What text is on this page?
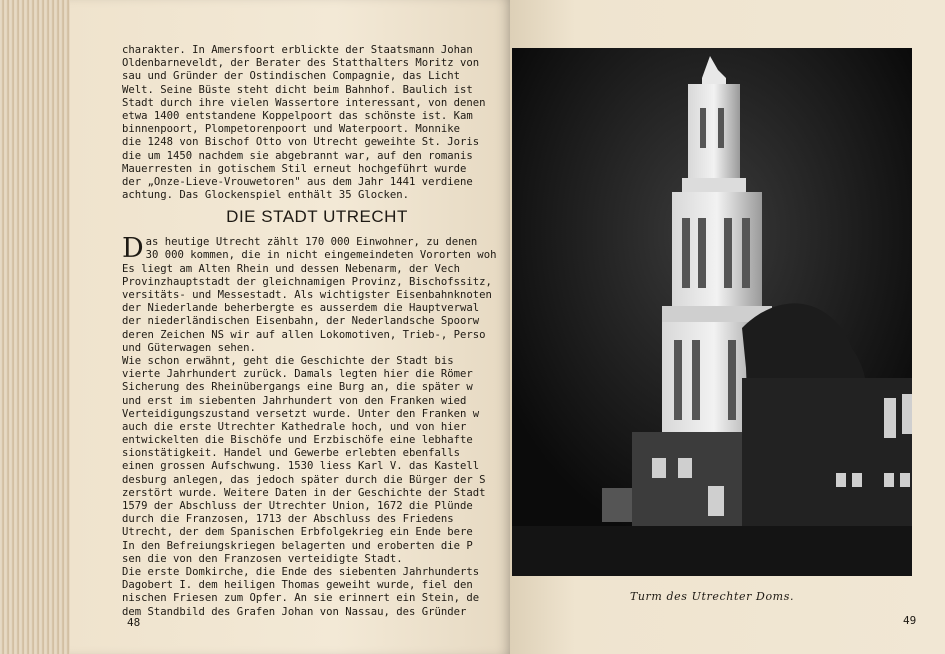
charakter. In Amersfoort erblickte der Staatsmann Johan
Oldenbarneveldt, der Berater des Statthalters Moritz von
sau und Gründer der Ostindischen Compagnie, das Licht
Welt. Seine Büste steht dicht beim Bahnhof. Baulich ist
Stadt durch ihre vielen Wassertore interessant, von denen
etwa 1400 entstandene Koppelpoort das schönste ist. Kam
binnenpoort, Plompetorenpoort und Waterpoort. Monnike
die 1248 von Bischof Otto von Utrecht geweihte St. Joris
die um 1450 nachdem sie abgebrannt war, auf den romanis
Mauerresten in gotischem Stil erneut hochgeführt wurde
der „Onze-Lieve-Vrouwetoren" aus dem Jahr 1441 verdiene
achtung. Das Glockenspiel enthält 35 Glocken.
DIE STADT UTRECHT
D as heutige Utrecht zählt 170 000 Einwohner, zu denen
30 000 kommen, die in nicht eingemeindeten Vororten woh
Es liegt am Alten Rhein und dessen Nebenarm, der Vech
Provinzhauptstadt der gleichnamigen Provinz, Bischofssitz,
versitäts- und Messestadt. Als wichtigster Eisenbahnknoten
der Niederlande beherbergte es ausserdem die Hauptverwal
der niederländischen Eisenbahn, der Nederlandsche Spoorw
deren Zeichen NS wir auf allen Lokomotiven, Trieb-, Perso
und Güterwagen sehen.
Wie schon erwähnt, geht die Geschichte der Stadt bis
vierte Jahrhundert zurück. Damals legten hier die Römer
Sicherung des Rheinübergangs eine Burg an, die später w
und erst im siebenten Jahrhundert von den Franken wied
Verteidigungszustand versetzt wurde. Unter den Franken w
auch die erste Utrechter Kathedrale hoch, und von hier
entwickelten die Bischöfe und Erzbischöfe eine lebhafte
sionstätigkeit. Handel und Gewerbe erlebten ebenfalls
einen grossen Aufschwung. 1530 liess Karl V. das Kastell
desburg anlegen, das jedoch später durch die Bürger der S
zerstört wurde. Weitere Daten in der Geschichte der Stadt
1579 der Abschluss der Utrechter Union, 1672 die Plünde
durch die Franzosen, 1713 der Abschluss des Friedens
Utrecht, der dem Spanischen Erbfolgekrieg ein Ende bere
In den Befreiungskriegen belagerten und eroberten die P
sen die von den Franzosen verteidigte Stadt.
Die erste Domkirche, die Ende des siebenten Jahrhunderts
Dagobert I. dem heiligen Thomas geweiht wurde, fiel den
nischen Friesen zum Opfer. An sie erinnert ein Stein, de
dem Standbild des Grafen Johan von Nassau, des Gründer
Turm des Utrechter Doms.
48	49
